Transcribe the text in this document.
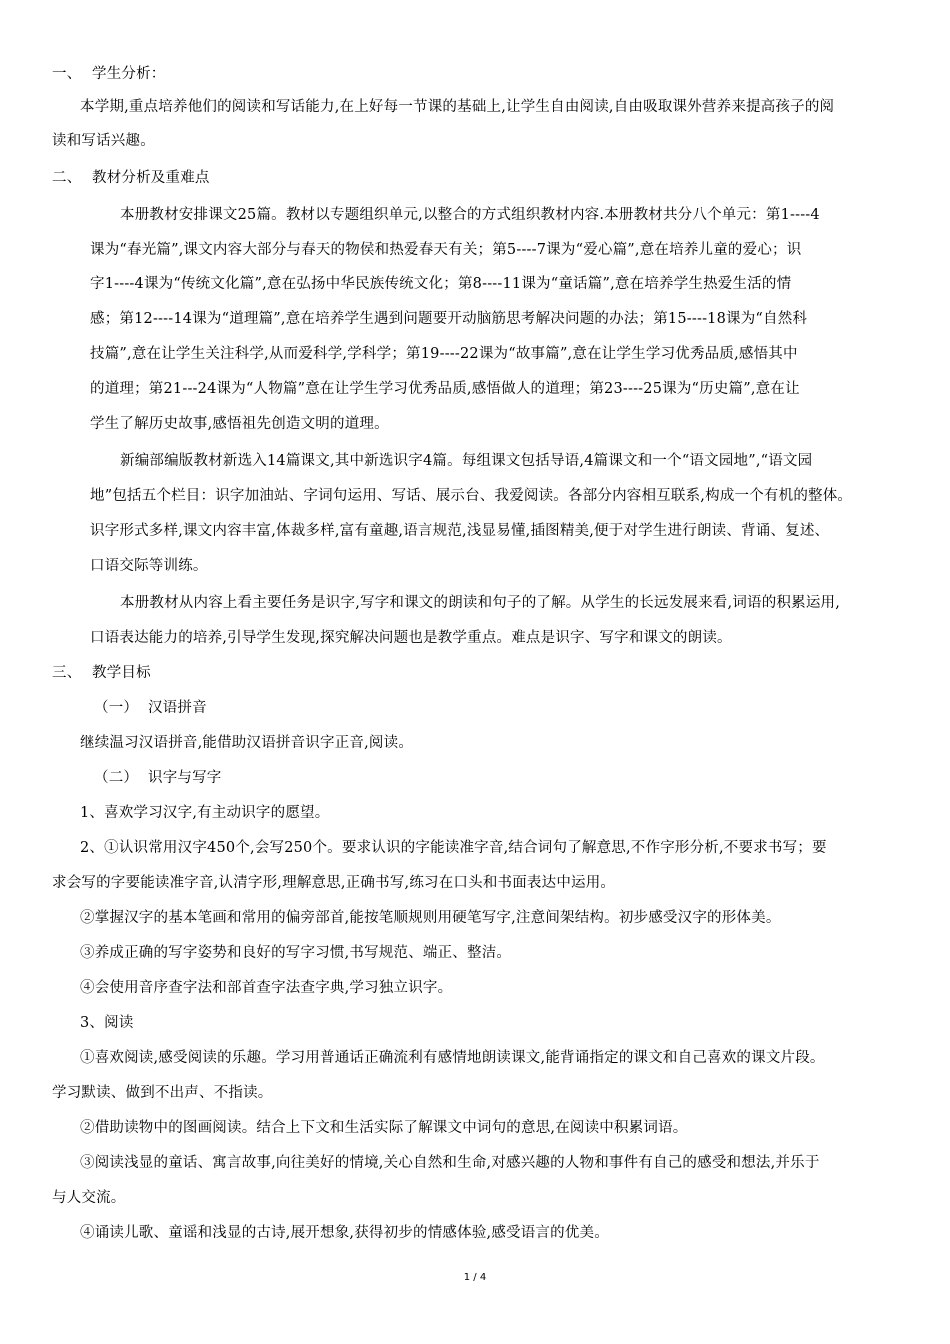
一、 学生分析：
本学期,重点培养他们的阅读和写话能力,在上好每一节课的基础上,让学生自由阅读,自由吸取课外营养来提高孩子的阅
读和写话兴趣。
二、 教材分析及重难点
本册教材安排课文25篇。教材以专题组织单元,以整合的方式组织教材内容.本册教材共分八个单元：第1----4
课为“春光篇”,课文内容大部分与春天的物侯和热爱春天有关；第5----7课为“爱心篇”,意在培养儿童的爱心；识
字1----4课为“传统文化篇”,意在弘扬中华民族传统文化；第8----11课为“童话篇”,意在培养学生热爱生活的情
感；第12----14课为“道理篇”,意在培养学生遇到问题要开动脑筋思考解决问题的办法；第15----18课为“自然科
技篇”,意在让学生关注科学,从而爱科学,学科学；第19----22课为“故事篇”,意在让学生学习优秀品质,感悟其中
的道理；第21---24课为“人物篇”意在让学生学习优秀品质,感悟做人的道理；第23----25课为“历史篇”,意在让
学生了解历史故事,感悟祖先创造文明的道理。
新编部编版教材新选入14篇课文,其中新选识字4篇。每组课文包括导语,4篇课文和一个“语文园地”,“语文园
地”包括五个栏目：识字加油站、字词句运用、写话、展示台、我爱阅读。各部分内容相互联系,构成一个有机的整体。
识字形式多样,课文内容丰富,体裁多样,富有童趣,语言规范,浅显易懂,插图精美,便于对学生进行朗读、背诵、复述、
口语交际等训练。
本册教材从内容上看主要任务是识字,写字和课文的朗读和句子的了解。从学生的长远发展来看,词语的积累运用,
口语表达能力的培养,引导学生发现,探究解决问题也是教学重点。难点是识字、写字和课文的朗读。
三、 教学目标
（一） 汉语拼音
继续温习汉语拼音,能借助汉语拼音识字正音,阅读。
（二） 识字与写字
1、喜欢学习汉字,有主动识字的愿望。
2、①认识常用汉字450个,会写250个。要求认识的字能读准字音,结合词句了解意思,不作字形分析,不要求书写；要
求会写的字要能读准字音,认清字形,理解意思,正确书写,练习在口头和书面表达中运用。
②掌握汉字的基本笔画和常用的偏旁部首,能按笔顺规则用硬笔写字,注意间架结构。初步感受汉字的形体美。
③养成正确的写字姿势和良好的写字习惯,书写规范、端正、整洁。
④会使用音序查字法和部首查字法查字典,学习独立识字。
3、阅读
①喜欢阅读,感受阅读的乐趣。学习用普通话正确流利有感情地朗读课文,能背诵指定的课文和自己喜欢的课文片段。
学习默读、做到不出声、不指读。
②借助读物中的图画阅读。结合上下文和生活实际了解课文中词句的意思,在阅读中积累词语。
③阅读浅显的童话、寓言故事,向往美好的情境,关心自然和生命,对感兴趣的人物和事件有自己的感受和想法,并乐于
与人交流。
④诵读儿歌、童谣和浅显的古诗,展开想象,获得初步的情感体验,感受语言的优美。
1 / 4
